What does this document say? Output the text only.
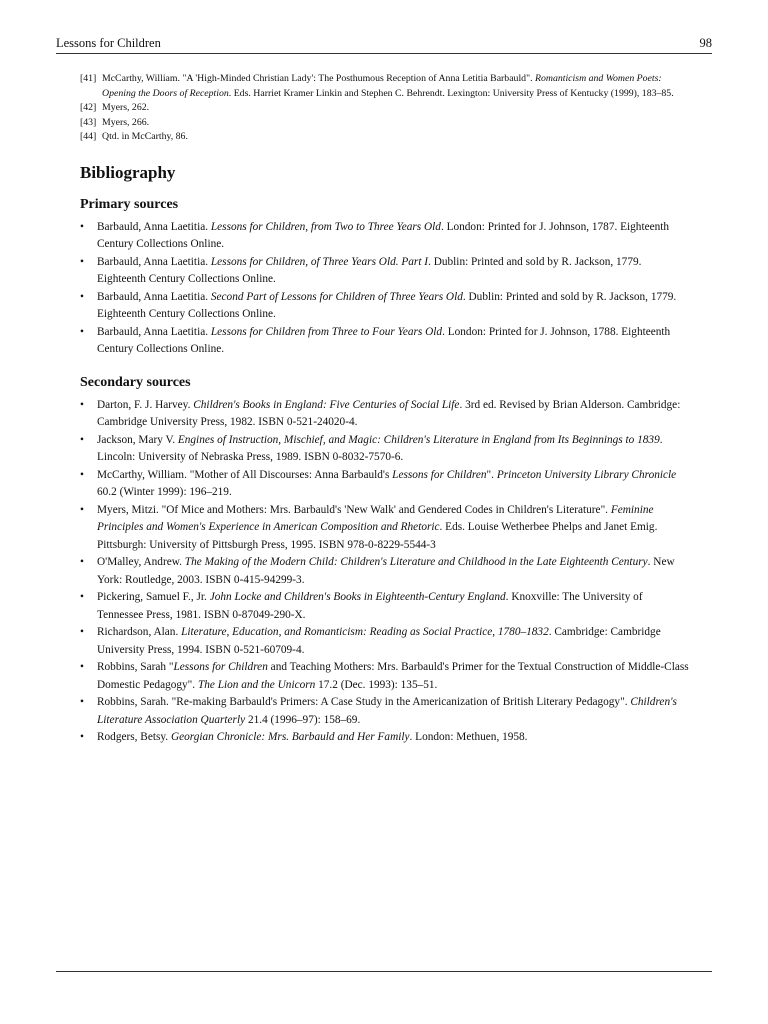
Lessons for Children	98
[41] McCarthy, William. "A 'High-Minded Christian Lady': The Posthumous Reception of Anna Letitia Barbauld". Romanticism and Women Poets: Opening the Doors of Reception. Eds. Harriet Kramer Linkin and Stephen C. Behrendt. Lexington: University Press of Kentucky (1999), 183–85.
[42] Myers, 262.
[43] Myers, 266.
[44] Qtd. in McCarthy, 86.
Bibliography
Primary sources
• Barbauld, Anna Laetitia. Lessons for Children, from Two to Three Years Old. London: Printed for J. Johnson, 1787. Eighteenth Century Collections Online.
• Barbauld, Anna Laetitia. Lessons for Children, of Three Years Old. Part I. Dublin: Printed and sold by R. Jackson, 1779. Eighteenth Century Collections Online.
• Barbauld, Anna Laetitia. Second Part of Lessons for Children of Three Years Old. Dublin: Printed and sold by R. Jackson, 1779. Eighteenth Century Collections Online.
• Barbauld, Anna Laetitia. Lessons for Children from Three to Four Years Old. London: Printed for J. Johnson, 1788. Eighteenth Century Collections Online.
Secondary sources
• Darton, F. J. Harvey. Children's Books in England: Five Centuries of Social Life. 3rd ed. Revised by Brian Alderson. Cambridge: Cambridge University Press, 1982. ISBN 0-521-24020-4.
• Jackson, Mary V. Engines of Instruction, Mischief, and Magic: Children's Literature in England from Its Beginnings to 1839. Lincoln: University of Nebraska Press, 1989. ISBN 0-8032-7570-6.
• McCarthy, William. "Mother of All Discourses: Anna Barbauld's Lessons for Children". Princeton University Library Chronicle 60.2 (Winter 1999): 196–219.
• Myers, Mitzi. "Of Mice and Mothers: Mrs. Barbauld's 'New Walk' and Gendered Codes in Children's Literature". Feminine Principles and Women's Experience in American Composition and Rhetoric. Eds. Louise Wetherbee Phelps and Janet Emig. Pittsburgh: University of Pittsburgh Press, 1995. ISBN 978-0-8229-5544-3
• O'Malley, Andrew. The Making of the Modern Child: Children's Literature and Childhood in the Late Eighteenth Century. New York: Routledge, 2003. ISBN 0-415-94299-3.
• Pickering, Samuel F., Jr. John Locke and Children's Books in Eighteenth-Century England. Knoxville: The University of Tennessee Press, 1981. ISBN 0-87049-290-X.
• Richardson, Alan. Literature, Education, and Romanticism: Reading as Social Practice, 1780–1832. Cambridge: Cambridge University Press, 1994. ISBN 0-521-60709-4.
• Robbins, Sarah "Lessons for Children and Teaching Mothers: Mrs. Barbauld's Primer for the Textual Construction of Middle-Class Domestic Pedagogy". The Lion and the Unicorn 17.2 (Dec. 1993): 135–51.
• Robbins, Sarah. "Re-making Barbauld's Primers: A Case Study in the Americanization of British Literary Pedagogy". Children's Literature Association Quarterly 21.4 (1996–97): 158–69.
• Rodgers, Betsy. Georgian Chronicle: Mrs. Barbauld and Her Family. London: Methuen, 1958.
